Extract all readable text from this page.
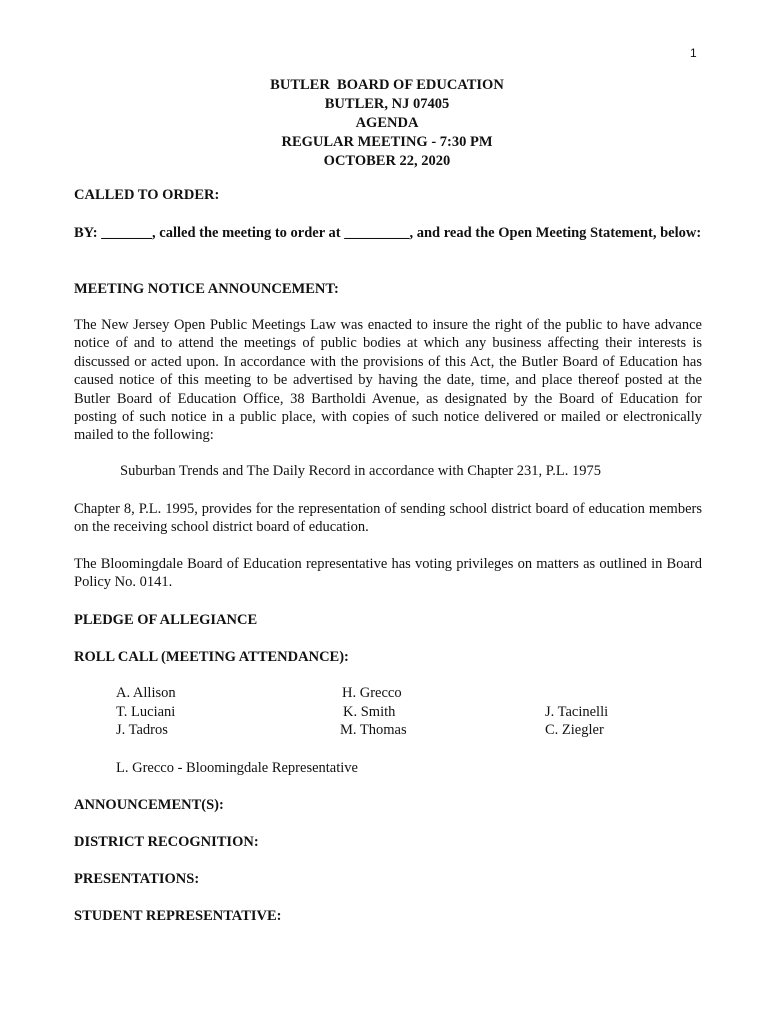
1
BUTLER  BOARD OF EDUCATION
BUTLER, NJ 07405
AGENDA
REGULAR MEETING - 7:30 PM
OCTOBER 22, 2020
CALLED TO ORDER:
BY: _______, called the meeting to order at _________, and read the Open Meeting Statement, below:
MEETING NOTICE ANNOUNCEMENT:
The New Jersey Open Public Meetings Law was enacted to insure the right of the public to have advance notice of and to attend the meetings of public bodies at which any business affecting their interests is discussed or acted upon. In accordance with the provisions of this Act, the Butler Board of Education has caused notice of this meeting to be advertised by having the date, time, and place thereof posted at the Butler Board of Education Office, 38 Bartholdi Avenue, as designated by the Board of Education for posting of such notice in a public place, with copies of such notice delivered or mailed or electronically mailed to the following:
Suburban Trends and The Daily Record in accordance with Chapter 231, P.L. 1975
Chapter 8, P.L. 1995, provides for the representation of sending school district board of education members on the receiving school district board of education.
The Bloomingdale Board of Education representative has voting privileges on matters as outlined in Board Policy No. 0141.
PLEDGE OF ALLEGIANCE
ROLL CALL (MEETING ATTENDANCE):
A. Allison
T. Luciani
J. Tadros
H. Grecco
K. Smith
M. Thomas
J. Tacinelli
C. Ziegler
L. Grecco - Bloomingdale Representative
ANNOUNCEMENT(S):
DISTRICT RECOGNITION:
PRESENTATIONS:
STUDENT REPRESENTATIVE:
